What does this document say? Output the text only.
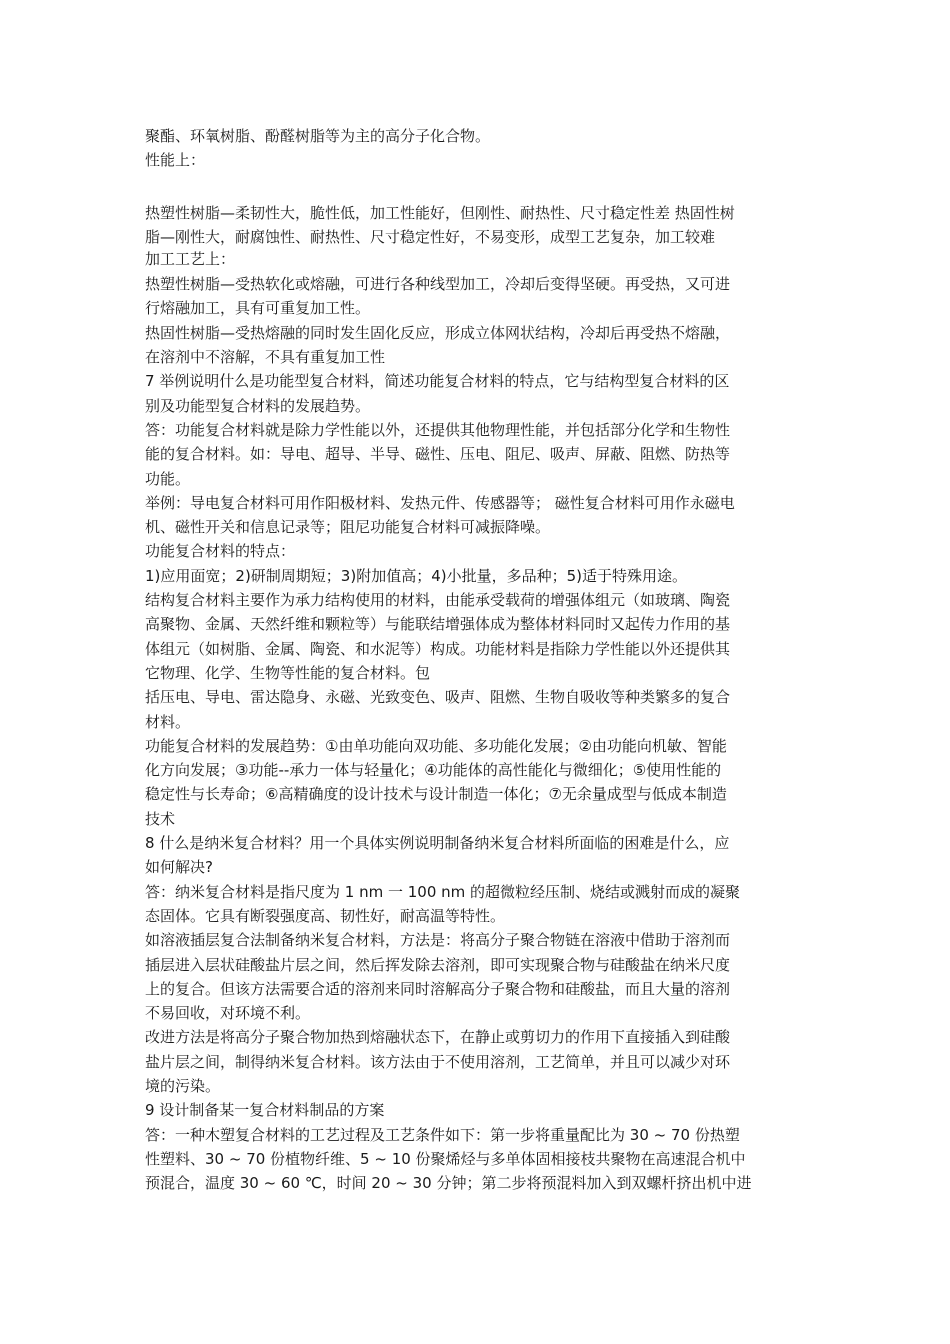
聚酯、环氧树脂、酚醛树脂等为主的高分子化合物。
性能上：
热塑性树脂—柔韧性大，脆性低，加工性能好，但刚性、耐热性、尺寸稳定性差 热固性树
脂—刚性大，耐腐蚀性、耐热性、尺寸稳定性好，不易变形，成型工艺复杂，加工较难
加工工艺上：
热塑性树脂—受热软化或熔融，可进行各种线型加工，冷却后变得坚硬。再受热，又可进
行熔融加工，具有可重复加工性。
热固性树脂—受热熔融的同时发生固化反应，形成立体网状结构，冷却后再受热不熔融，
在溶剂中不溶解，不具有重复加工性
7 举例说明什么是功能型复合材料，简述功能复合材料的特点，它与结构型复合材料的区
别及功能型复合材料的发展趋势。
答：功能复合材料就是除力学性能以外，还提供其他物理性能，并包括部分化学和生物性
能的复合材料。如：导电、超导、半导、磁性、压电、阻尼、吸声、屏蔽、阻燃、防热等
功能。
举例：导电复合材料可用作阳极材料、发热元件、传感器等； 磁性复合材料可用作永磁电
机、磁性开关和信息记录等；阻尼功能复合材料可减振降噪。
功能复合材料的特点：
1)应用面宽；2)研制周期短；3)附加值高；4)小批量，多品种；5)适于特殊用途。
结构复合材料主要作为承力结构使用的材料，由能承受载荷的增强体组元（如玻璃、陶瓷
高聚物、金属、天然纤维和颗粒等）与能联结增强体成为整体材料同时又起传力作用的基
体组元（如树脂、金属、陶瓷、和水泥等）构成。功能材料是指除力学性能以外还提供其
它物理、化学、生物等性能的复合材料。包
括压电、导电、雷达隐身、永磁、光致变色、吸声、阻燃、生物自吸收等种类繁多的复合
材料。
功能复合材料的发展趋势：①由单功能向双功能、多功能化发展；②由功能向机敏、智能
化方向发展；③功能--承力一体与轻量化；④功能体的高性能化与微细化；⑤使用性能的
稳定性与长寿命；⑥高精确度的设计技术与设计制造一体化；⑦无余量成型与低成本制造
技术
8 什么是纳米复合材料？用一个具体实例说明制备纳米复合材料所面临的困难是什么，应
如何解决?
答：纳米复合材料是指尺度为 1 nm 一 100 nm 的超微粒经压制、烧结或溅射而成的凝聚
态固体。它具有断裂强度高、韧性好，耐高温等特性。
如溶液插层复合法制备纳米复合材料，方法是：将高分子聚合物链在溶液中借助于溶剂而
插层进入层状硅酸盐片层之间，然后挥发除去溶剂，即可实现聚合物与硅酸盐在纳米尺度
上的复合。但该方法需要合适的溶剂来同时溶解高分子聚合物和硅酸盐，而且大量的溶剂
不易回收，对环境不利。
改进方法是将高分子聚合物加热到熔融状态下，在静止或剪切力的作用下直接插入到硅酸
盐片层之间，制得纳米复合材料。该方法由于不使用溶剂，工艺简单，并且可以减少对环
境的污染。
9 设计制备某一复合材料制品的方案
答：一种木塑复合材料的工艺过程及工艺条件如下：第一步将重量配比为 30 ~ 70 份热塑
性塑料、30 ~ 70 份植物纤维、5 ~ 10 份聚烯烃与多单体固相接枝共聚物在高速混合机中
预混合，温度 30 ~ 60 ℃，时间 20 ~ 30 分钟；第二步将预混料加入到双螺杆挤出机中进
